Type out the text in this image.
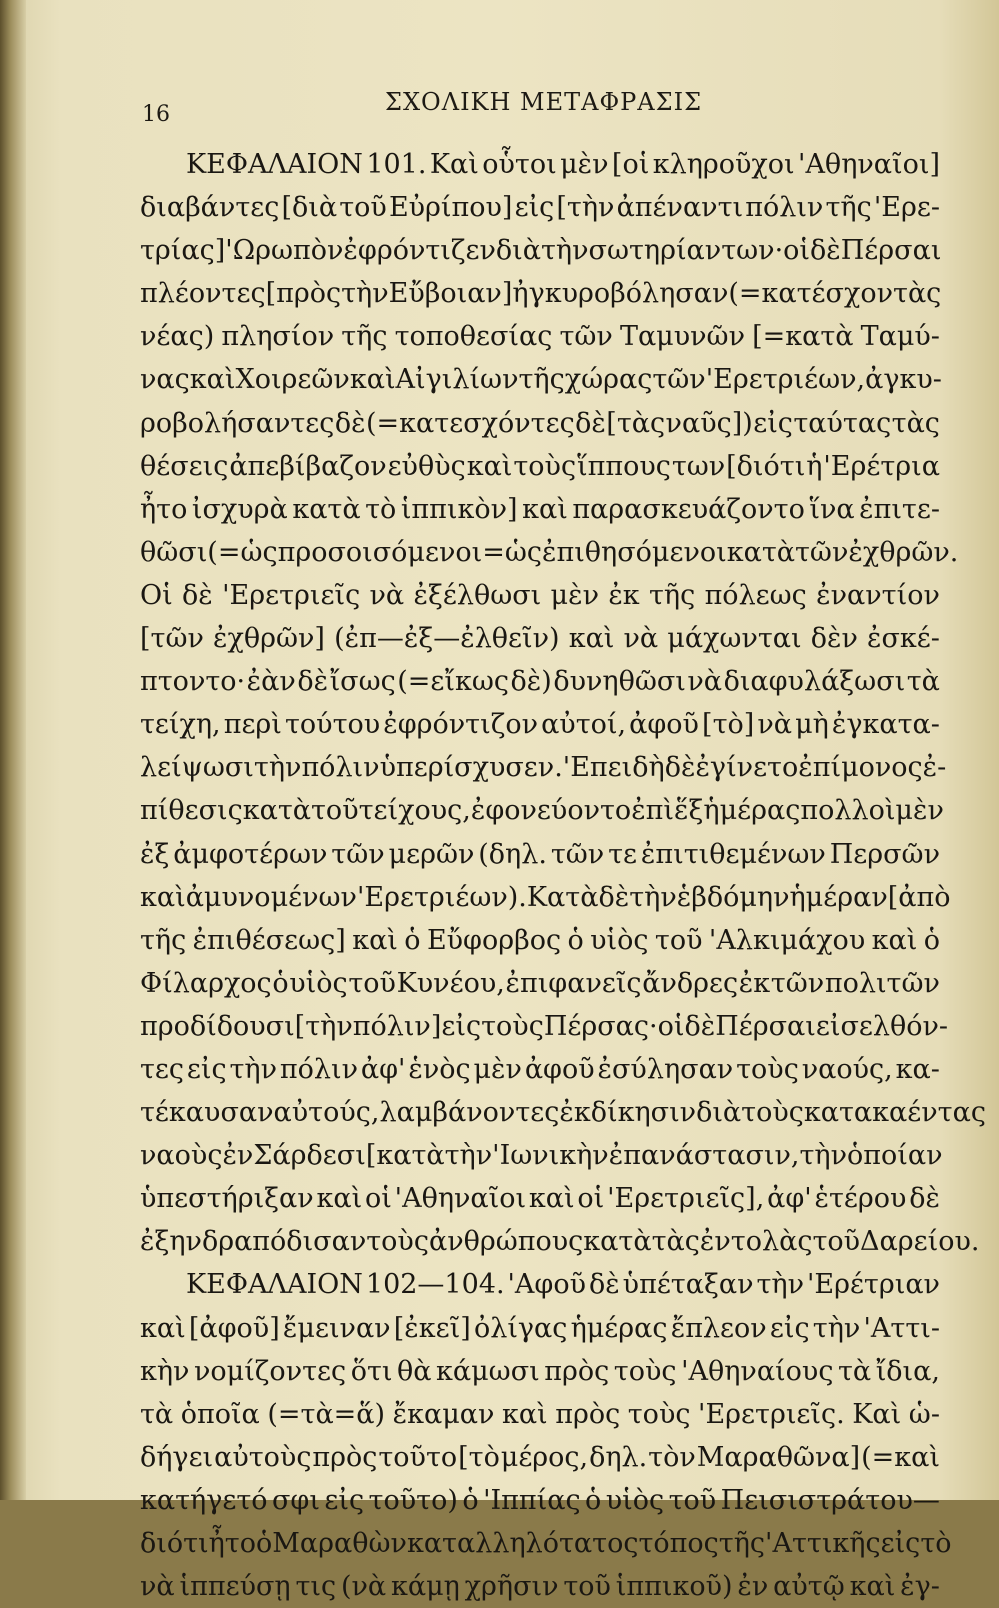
16	ΣΧΟΛΙΚΗ ΜΕΤΑΦΡΑΣΙΣ
ΚΕΦΑΛΑΙΟΝ 101. Καὶ οὗτοι μὲν [οἱ κληροῦχοι 'Αθηναῖοι]
διαβάντες [διὰ τοῦ Εὐρίπου] εἰς [τὴν ἀπέναντι πόλιν τῆς 'Ερε-
τρίας] 'Ωρωπὸν ἐφρόντιζεν διὰ τὴν σωτηρίαν των· οἱ δὲ Πέρσαι
πλέοντες [πρὸς τὴν Εὔβοιαν] ἠγκυροβόλησαν (=κατέσχον τὰς
νέας) πλησίον τῆς τοποθεσίας τῶν Ταμυνῶν [=κατὰ Ταμύ-
νας καὶ Χοιρεῶν καὶ Αἰγιλίων τῆς χώρας τῶν 'Ερετριέων, ἀγκυ-
ροβολήσαντες δὲ (=κατεσχόντες δὲ [τὰς ναῦς]) εἰς ταύτας τὰς
θέσεις ἀπεβίβαζον εὐθὺς καὶ τοὺς ἵππους των [διότι ἡ 'Ερέτρια
ἦτο ἰσχυρὰ κατὰ τὸ ἱππικὸν] καὶ παρασκευάζοντο ἵνα ἐπιτε-
θῶσι (=ὡς προσοισόμενοι=ὡς ἐπιθησόμενοι κατὰ τῶν ἐχθρῶν.
Οἱ δὲ 'Ερετριεῖς νὰ ἐξέλθωσι μὲν ἐκ τῆς πόλεως ἐναντίον
[τῶν ἐχθρῶν] (ἐπ—ἐξ—ἐλθεῖν) καὶ νὰ μάχωνται δὲν ἐσκέ-
πτοντο· ἐὰν δὲ ἴσως (=εἴκως δὲ) δυνηθῶσι νὰ διαφυλάξωσι τὰ
τείχη, περὶ τούτου ἐφρόντιζον αὐτοί, ἀφοῦ [τὸ] νὰ μὴ ἐγκατα-
λείψωσι τὴν πόλιν ὑπερίσχυσεν. 'Επειδὴ δὲ ἐγίνετο ἐπίμονος ἐ-
πίθεσις κατὰ τοῦ τείχους, ἐφονεύοντο ἐπὶ ἕξ ἡμέρας πολλοὶ μὲν
ἐξ ἀμφοτέρων τῶν μερῶν (δηλ. τῶν τε ἐπιτιθεμένων Περσῶν
καὶ ἀμυνομένων 'Ερετριέων). Κατὰ δὲ τὴν ἑβδόμην ἡμέραν [ἀπὸ
τῆς ἐπιθέσεως] καὶ ὁ Εὔφορβος ὁ υἱὸς τοῦ 'Αλκιμάχου καὶ ὁ
Φίλαρχος ὁ υἱὸς τοῦ Κυνέου, ἐπιφανεῖς ἄνδρες ἐκ τῶν πολιτῶν
προδίδουσι [τὴν πόλιν] εἰς τοὺς Πέρσας· οἱ δὲ Πέρσαι εἰσελθόν-
τες εἰς τὴν πόλιν ἀφ' ἑνὸς μὲν ἀφοῦ ἐσύλησαν τοὺς ναούς, κα-
τέκαυσαν αὐτούς, λαμβάνοντες ἐκδίκησιν διὰ τοὺς κατακαέντας
ναοὺς ἐν Σάρδεσι [κατὰ τὴν 'Ιωνικὴν ἐπανάστασιν, τὴν ὁποίαν
ὑπεστήριξαν καὶ οἱ 'Αθηναῖοι καὶ οἱ 'Ερετριεῖς], ἀφ' ἑτέρου δὲ
ἐξηνδραπόδισαν τοὺς ἀνθρώπους κατὰ τὰς ἐντολὰς τοῦ Δαρείου.
ΚΕΦΑΛΑΙΟΝ 102—104. 'Αφοῦ δὲ ὑπέταξαν τὴν 'Ερέτριαν
καὶ [ἀφοῦ] ἔμειναν [ἐκεῖ] ὀλίγας ἡμέρας ἔπλεον εἰς τὴν 'Αττι-
κὴν νομίζοντες ὅτι θὰ κάμωσι πρὸς τοὺς 'Αθηναίους τὰ ἴδια,
τὰ ὁποῖα (=τὰ=ἅ) ἔκαμαν καὶ πρὸς τοὺς 'Ερετριεῖς. Καὶ ὡ-
δήγει αὐτοὺς πρὸς τοῦτο [τὸ μέρος, δηλ. τὸν Μαραθῶνα] (=καὶ
κατήγετό σφι εἰς τοῦτο) ὁ 'Ιππίας ὁ υἱὸς τοῦ Πεισιστράτου—
διότι ἦτο ὁ Μαραθὼν καταλληλότατος τόπος τῆς 'Αττικῆς εἰς τὸ
νὰ ἱππεύσῃ τις (νὰ κάμῃ χρῆσιν τοῦ ἱππικοῦ) ἐν αὐτῷ καὶ ἐγ-
